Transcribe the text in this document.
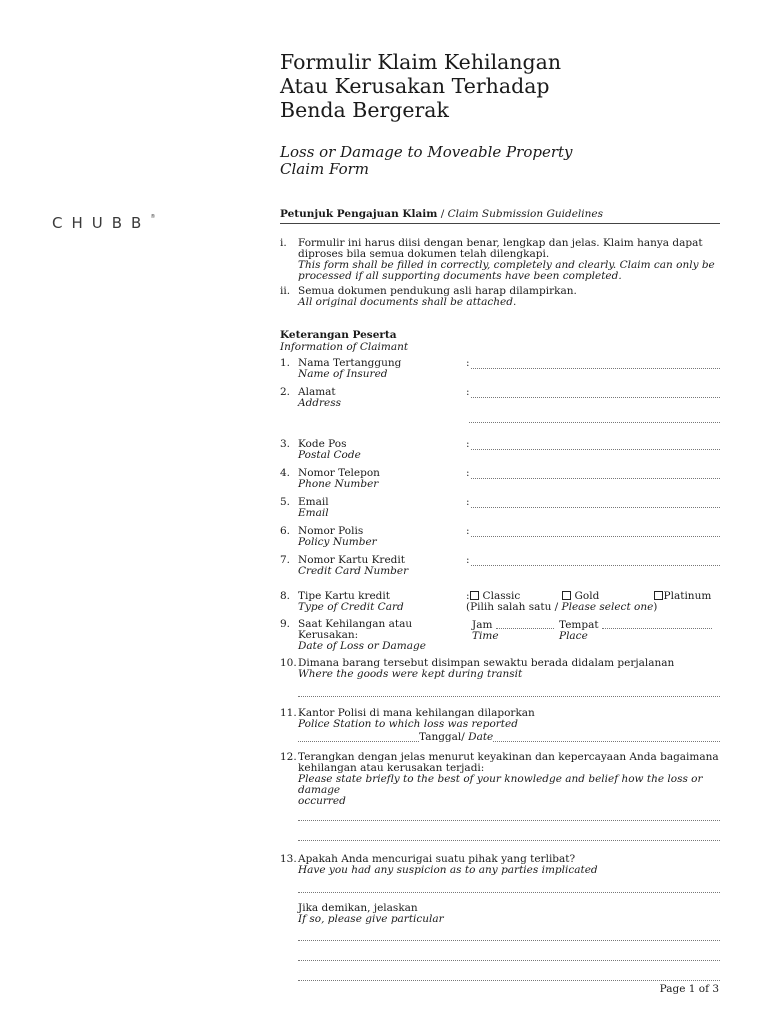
CHUBB®
Formulir Klaim Kehilangan
Atau Kerusakan Terhadap
Benda Bergerak
Loss or Damage to Moveable Property
Claim Form
Petunjuk Pengajuan Klaim / Claim Submission Guidelines
i.	Formulir ini harus diisi dengan benar, lengkap dan jelas. Klaim hanya dapat
diproses bila semua dokumen telah dilengkapi.
This form shall be filled in correctly, completely and clearly. Claim can only be
processed if all supporting documents have been completed.
ii. Semua dokumen pendukung asli harap dilampirkan.
All original documents shall be attached.
Keterangan Peserta
Information of Claimant
1. Nama Tertanggung
Name of Insured
:
2. Alamat
Address
:
3. Kode Pos
Postal Code
:
4. Nomor Telepon
Phone Number
:
5. Email
Email
:
6. Nomor Polis
Policy Number
:
7. Nomor Kartu Kredit
Credit Card Number
:
8. Tipe Kartu kredit
Type of Credit Card
:	Classic	Gold	Platinum
(Pilih salah satu / Please select one)
9. Saat Kehilangan atau Kerusakan:
Date of Loss or Damage
Jam
Time
Tempat
Place
10. Dimana barang tersebut disimpan sewaktu berada didalam perjalanan
Where the goods were kept during transit
11. Kantor Polisi di mana kehilangan dilaporkan
Police Station to which loss was reported
Tanggal/ Date
12. Terangkan dengan jelas menurut keyakinan dan kepercayaan Anda bagaimana
kehilangan atau kerusakan terjadi:
Please state briefly to the best of your knowledge and belief how the loss or damage
occurred
13. Apakah Anda mencurigai suatu pihak yang terlibat?
Have you had any suspicion as to any parties implicated
Jika demikan, jelaskan
If so, please give particular
Page 1 of 3
